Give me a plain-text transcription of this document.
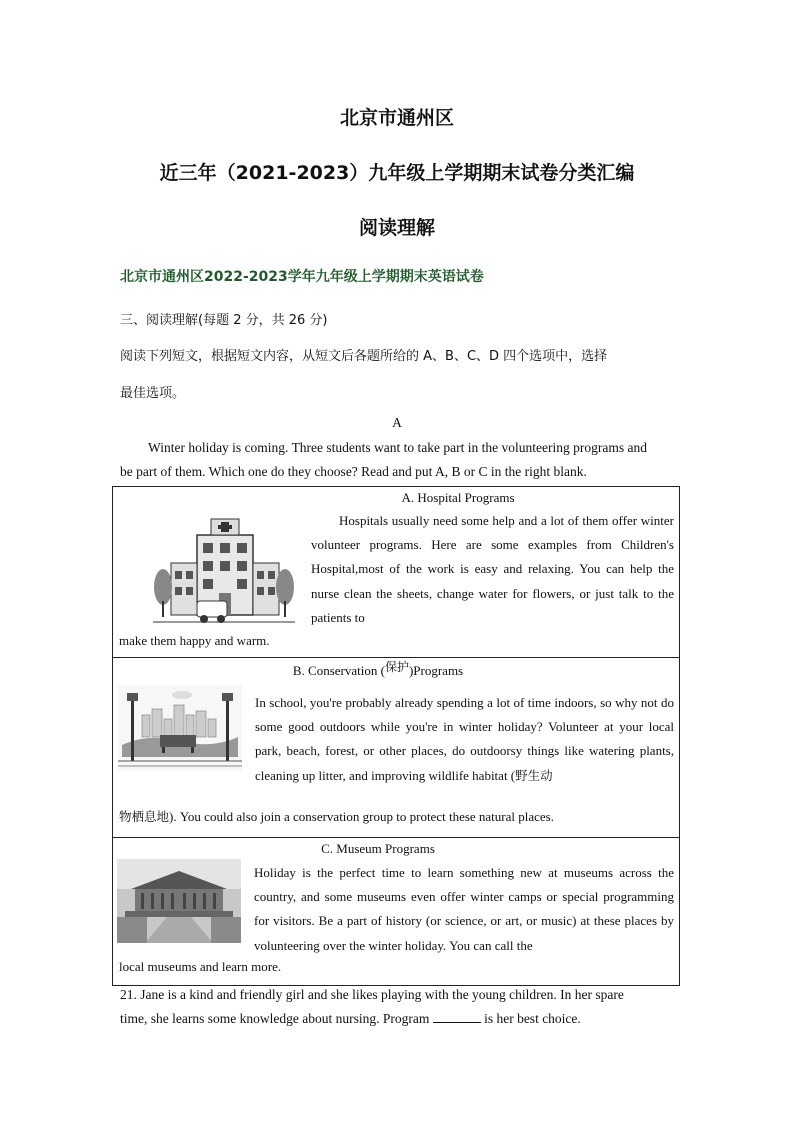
北京市通州区
近三年（2021-2023）九年级上学期期末试卷分类汇编
阅读理解
北京市通州区2022-2023学年九年级上学期期末英语试卷
三、阅读理解(每题 2 分，共 26 分)
阅读下列短文，根据短文内容，从短文后各题所给的 A、B、C、D 四个选项中，选择
最佳选项。
A
Winter holiday is coming. Three students want to take part in the volunteering programs and
be part of them. Which one do they choose? Read and put A, B or C in the right blank.
A. Hospital Programs
Hospitals usually need some help and a lot of them offer winter volunteer programs. Here are some examples from Children's Hospital,most of the work is easy and relaxing. You can help the nurse clean the sheets, change water for flowers, or just talk to the patients to
make them happy and warm.
B. Conservation (保护)Programs
In school, you're probably already spending a lot of time indoors, so why not do some good outdoors while you're in winter holiday? Volunteer at your local park, beach, forest, or other places, do outdoorsy things like watering plants, cleaning up litter, and improving wildlife habitat (野生动
物栖息地). You could also join a conservation group to protect these natural places.
C. Museum Programs
Holiday is the perfect time to learn something new at museums across the country, and some museums even offer winter camps or special programming for visitors. Be a part of history (or science, or art, or music) at these places by volunteering over the winter holiday. You can call the
local museums and learn more.
21. Jane is a kind and friendly girl and she likes playing with the young children. In her spare
time, she learns some knowledge about nursing. Program	is her best choice.
